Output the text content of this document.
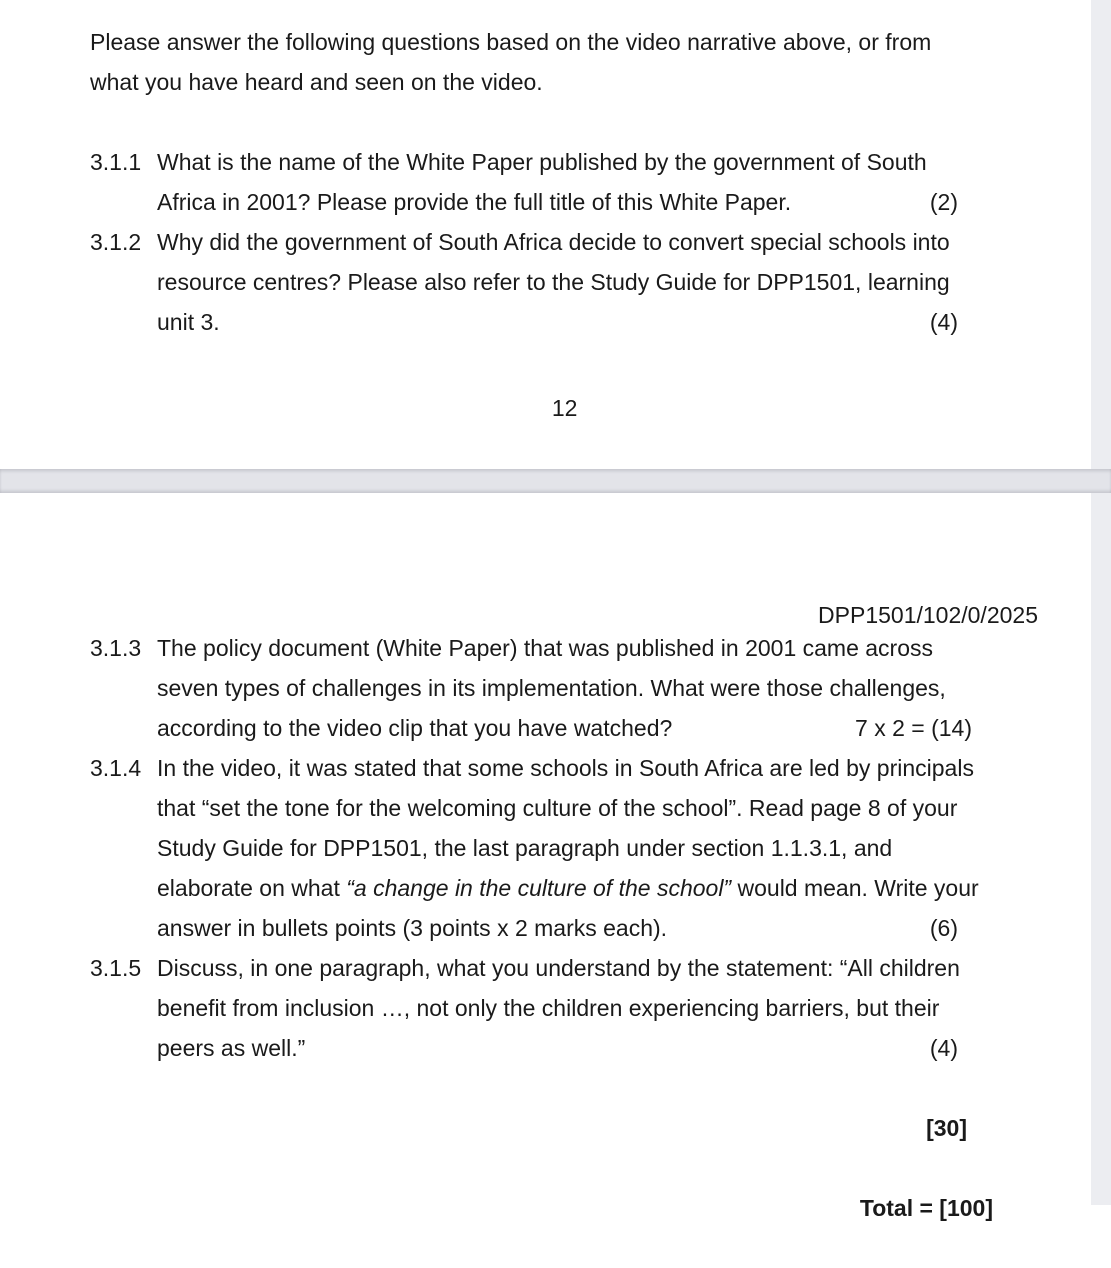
Please answer the following questions based on the video narrative above, or from
what you have heard and seen on the video.
3.1.1 What is the name of the White Paper published by the government of South
Africa in 2001? Please provide the full title of this White Paper.	(2)
3.1.2 Why did the government of South Africa decide to convert special schools into
resource centres? Please also refer to the Study Guide for DPP1501, learning
unit 3.	(4)

12

DPP1501/102/0/2025

3.1.3 The policy document (White Paper) that was published in 2001 came across
seven types of challenges in its implementation. What were those challenges,
according to the video clip that you have watched?	7 x 2 = (14)
3.1.4 In the video, it was stated that some schools in South Africa are led by principals
that “set the tone for the welcoming culture of the school”. Read page 8 of your
Study Guide for DPP1501, the last paragraph under section 1.1.3.1, and
elaborate on what “a change in the culture of the school” would mean. Write your
answer in bullets points (3 points x 2 marks each).	(6)
3.1.5 Discuss, in one paragraph, what you understand by the statement: “All children
benefit from inclusion …, not only the children experiencing barriers, but their
peers as well.”	(4)

[30]

Total = [100]
